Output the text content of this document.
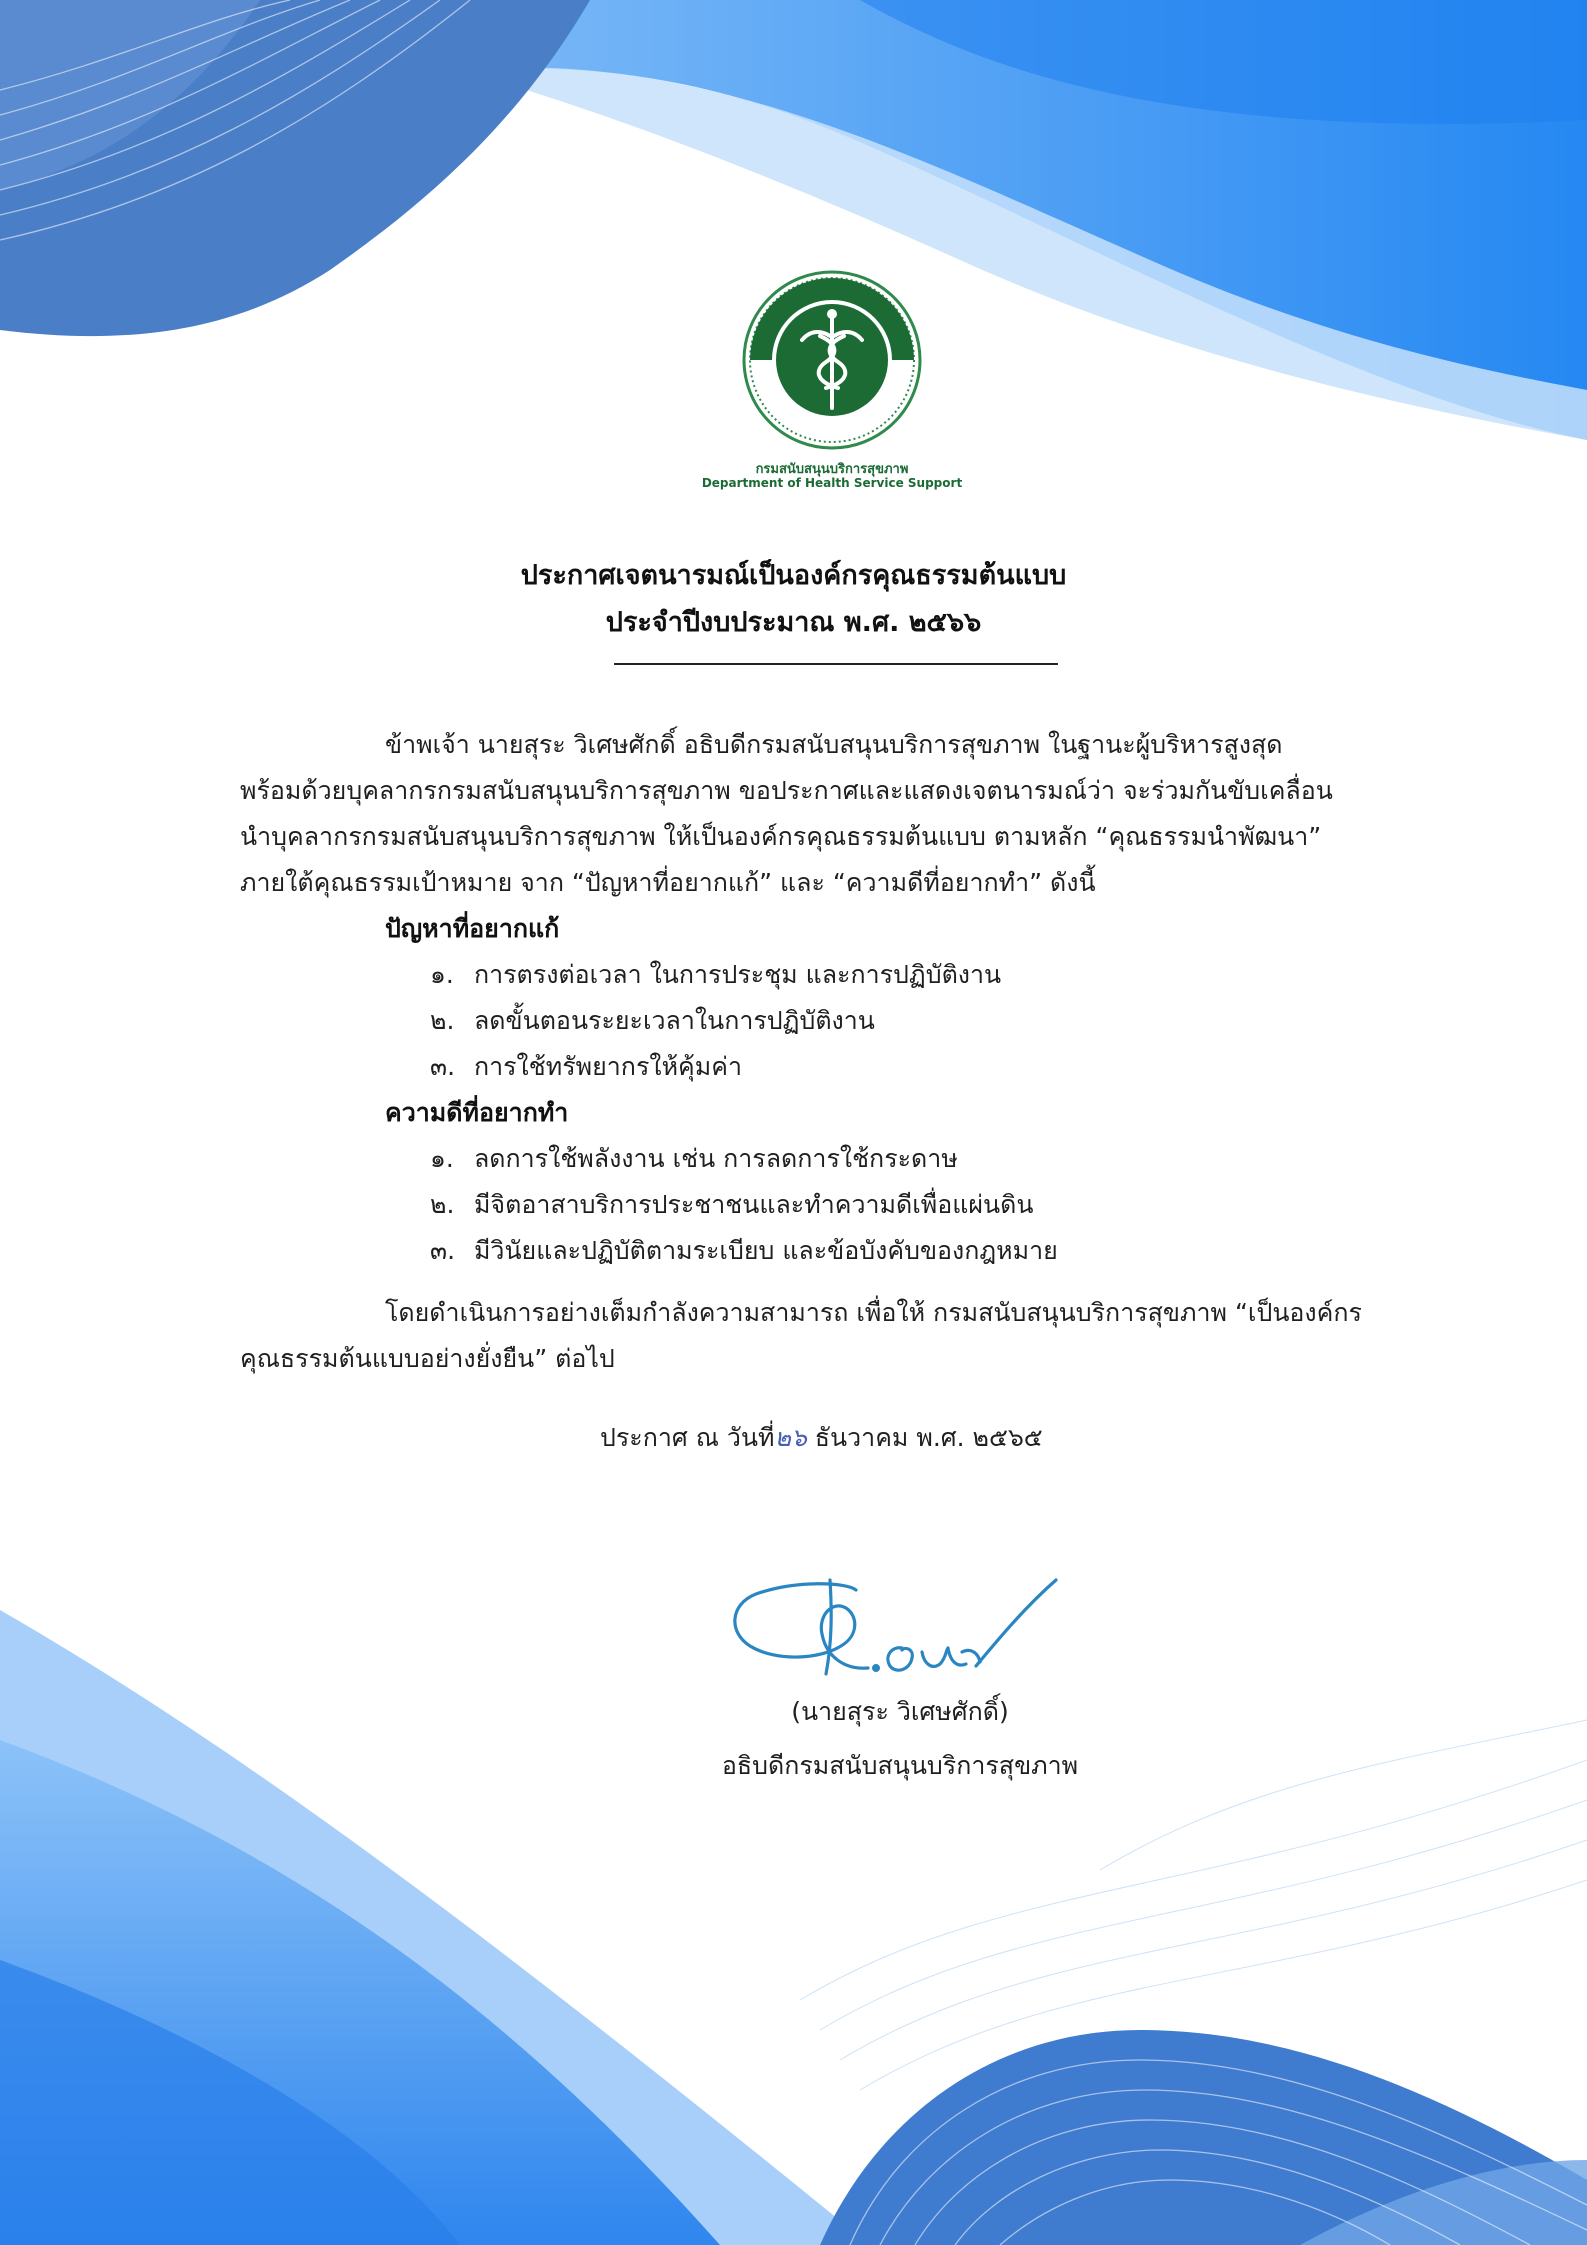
กรมสนับสนุนบริการสุขภาพ
Department of Health Service Support
ประกาศเจตนารมณ์เป็นองค์กรคุณธรรมต้นแบบ
ประจำปีงบประมาณ พ.ศ. ๒๕๖๖
ข้าพเจ้า นายสุระ วิเศษศักดิ์ อธิบดีกรมสนับสนุนบริการสุขภาพ ในฐานะผู้บริหารสูงสุด
พร้อมด้วยบุคลากรกรมสนับสนุนบริการสุขภาพ ขอประกาศและแสดงเจตนารมณ์ว่า จะร่วมกันขับเคลื่อน
นำบุคลากรกรมสนับสนุนบริการสุขภาพ ให้เป็นองค์กรคุณธรรมต้นแบบ ตามหลัก “คุณธรรมนำพัฒนา”
ภายใต้คุณธรรมเป้าหมาย จาก “ปัญหาที่อยากแก้” และ “ความดีที่อยากทำ” ดังนี้
ปัญหาที่อยากแก้
๑. การตรงต่อเวลา ในการประชุม และการปฏิบัติงาน
๒. ลดขั้นตอนระยะเวลาในการปฏิบัติงาน
๓. การใช้ทรัพยากรให้คุ้มค่า
ความดีที่อยากทำ
๑. ลดการใช้พลังงาน เช่น การลดการใช้กระดาษ
๒. มีจิตอาสาบริการประชาชนและทำความดีเพื่อแผ่นดิน
๓. มีวินัยและปฏิบัติตามระเบียบ และข้อบังคับของกฎหมาย
โดยดำเนินการอย่างเต็มกำลังความสามารถ เพื่อให้ กรมสนับสนุนบริการสุขภาพ “เป็นองค์กร
คุณธรรมต้นแบบอย่างยั่งยืน” ต่อไป
ประกาศ ณ วันที่๒๖ ธันวาคม พ.ศ. ๒๕๖๕
(นายสุระ วิเศษศักดิ์)
อธิบดีกรมสนับสนุนบริการสุขภาพ
